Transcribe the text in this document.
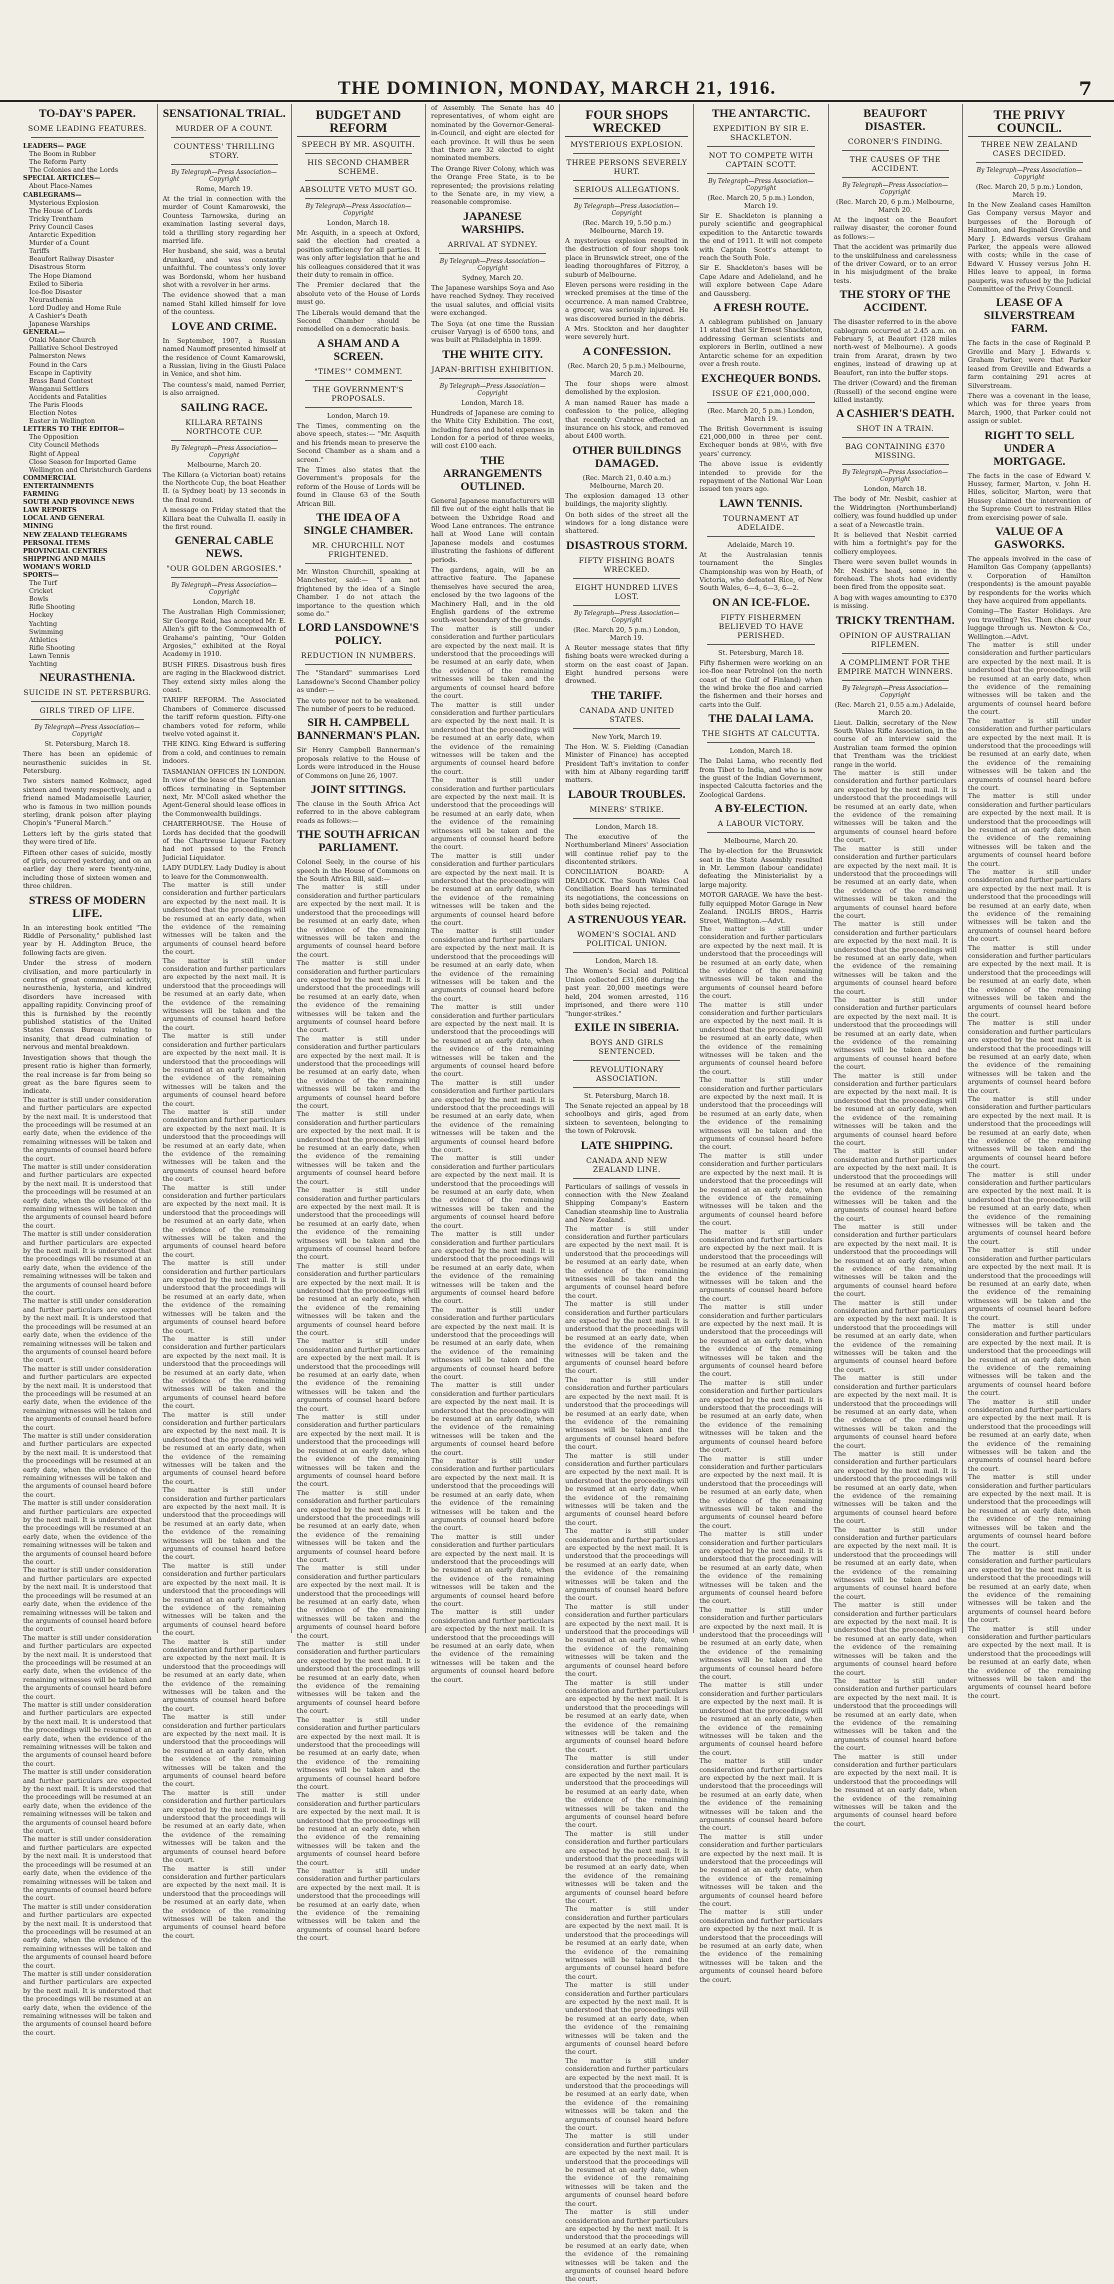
THE DOMINION, MONDAY, MARCH 21, 1916.	7
TO-DAY'S PAPER.
SOME LEADING FEATURES.
LEADERS— PAGE
The Boom in Rubber
The Reform Party
The Colonies and the Lords
SPECIAL ARTICLES—
About Place-Names
CABLEGRAMS—
Mysterious Explosion
The House of Lords
Tricky Trentham
Privy Council Cases
Antarctic Expedition
Murder of a Count
Tariffs
Beaufort Railway Disaster
Disastrous Storm
The Hope Diamond
Exiled to Siberia
Ice-floe Disaster
Neurasthenia
Lord Dudley and Home Rule
A Cashier's Death
Japanese Warships
GENERAL—
Otaki Manor Church
Palliative School Destroyed
Palmerston News
Found in the Cars
Escape in Captivity
Brass Band Contest
Wanganui Settlers
Accidents and Fatalities
The Paris Floods
Election Notes
Easter in Wellington
LETTERS TO THE EDITOR—
The Opposition
City Council Methods
Right of Appeal
Close Season for Imported Game
Wellington and Christchurch Gardens
COMMERCIAL
ENTERTAINMENTS
FARMING
SOUTH AND PROVINCE NEWS
LAW REPORTS
LOCAL AND GENERAL
MINING
NEW ZEALAND TELEGRAMS
PERSONAL ITEMS
PROVINCIAL CENTRES
SHIPPING AND MAILS
WOMAN'S WORLD
SPORTS—
The Turf
Cricket
Bowls
Rifle Shooting
Hockey
Yachting
Swimming
Athletics
Rifle Shooting
Lawn Tennis
Yachting
NEURASTHENIA.
SUICIDE IN ST. PETERSBURG.
GIRLS TIRED OF LIFE.
By Telegraph—Press Association—Copyright
St. Petersburg, March 18.

There has been an epidemic of neurasthenic suicides in St. Petersburg.

Two sisters named Kolmacz, aged sixteen and twenty respectively, and a friend named Madamoiselle Laurier, who is famous in two million pounds sterling, drank poison after playing Chopin's "Funeral March."

Letters left by the girls stated that they were tired of life.

Fifteen other cases of suicide, mostly of girls, occurred yesterday, and on an earlier day there were twenty-nine, including those of sixteen women and three children.

STRESS OF MODERN LIFE.

In an interesting book entitled "The Riddle of Personality," published last year by H. Addington Bruce, the following facts are given.

Under the stress of modern civilisation, and more particularly in centres of great commercial activity, neurasthenia, hysteria, and kindred disorders have increased with appalling rapidity. Convincing proof of this is furnished by the recently published statistics of the United States Census Bureau relating to insanity, that dread culmination of nervous and mental breakdown.

Investigation shows that though the present ratio is higher than formerly, the real increase is far from being so great as the bare figures seem to indicate.

The matter is still under consideration and further particulars are expected by the next mail. It is understood that the proceedings will be resumed at an early date, when the evidence of the remaining witnesses will be taken and the arguments of counsel heard before the court.

The matter is still under consideration and further particulars are expected by the next mail. It is understood that the proceedings will be resumed at an early date, when the evidence of the remaining witnesses will be taken and the arguments of counsel heard before the court.

The matter is still under consideration and further particulars are expected by the next mail. It is understood that the proceedings will be resumed at an early date, when the evidence of the remaining witnesses will be taken and the arguments of counsel heard before the court.

The matter is still under consideration and further particulars are expected by the next mail. It is understood that the proceedings will be resumed at an early date, when the evidence of the remaining witnesses will be taken and the arguments of counsel heard before the court.

The matter is still under consideration and further particulars are expected by the next mail. It is understood that the proceedings will be resumed at an early date, when the evidence of the remaining witnesses will be taken and the arguments of counsel heard before the court.

The matter is still under consideration and further particulars are expected by the next mail. It is understood that the proceedings will be resumed at an early date, when the evidence of the remaining witnesses will be taken and the arguments of counsel heard before the court.

The matter is still under consideration and further particulars are expected by the next mail. It is understood that the proceedings will be resumed at an early date, when the evidence of the remaining witnesses will be taken and the arguments of counsel heard before the court.

The matter is still under consideration and further particulars are expected by the next mail. It is understood that the proceedings will be resumed at an early date, when the evidence of the remaining witnesses will be taken and the arguments of counsel heard before the court.

The matter is still under consideration and further particulars are expected by the next mail. It is understood that the proceedings will be resumed at an early date, when the evidence of the remaining witnesses will be taken and the arguments of counsel heard before the court.

The matter is still under consideration and further particulars are expected by the next mail. It is understood that the proceedings will be resumed at an early date, when the evidence of the remaining witnesses will be taken and the arguments of counsel heard before the court.

The matter is still under consideration and further particulars are expected by the next mail. It is understood that the proceedings will be resumed at an early date, when the evidence of the remaining witnesses will be taken and the arguments of counsel heard before the court.

The matter is still under consideration and further particulars are expected by the next mail. It is understood that the proceedings will be resumed at an early date, when the evidence of the remaining witnesses will be taken and the arguments of counsel heard before the court.

The matter is still under consideration and further particulars are expected by the next mail. It is understood that the proceedings will be resumed at an early date, when the evidence of the remaining witnesses will be taken and the arguments of counsel heard before the court.

The matter is still under consideration and further particulars are expected by the next mail. It is understood that the proceedings will be resumed at an early date, when the evidence of the remaining witnesses will be taken and the arguments of counsel heard before the court.

SENSATIONAL TRIAL.
MURDER OF A COUNT.
COUNTESS' THRILLING STORY.
By Telegraph—Press Association—Copyright
Rome, March 19.

At the trial in connection with the murder of Count Kamarowski, the Countess Tarnowska, during an examination lasting several days, told a thrilling story regarding her married life.

Her husband, she said, was a brutal drunkard, and was constantly unfaithful. The countess's only lover was Bordonski, whom her husband shot with a revolver in her arms.

The evidence showed that a man named Stahl killed himself for love of the countess.

LOVE AND CRIME.

In September, 1907, a Russian named Naumoff presented himself at the residence of Count Kamarowski, a Russian, living in the Giusti Palace in Venice, and shot him.

The countess's maid, named Perrier, is also arraigned.

SAILING RACE.
KILLARA RETAINS NORTHCOTE CUP.
By Telegraph—Press Association—Copyright
Melbourne, March 20.

The Killara (a Victorian boat) retains the Northcote Cup, the boat Heather II. (a Sydney boat) by 13 seconds in the final round.

A message on Friday stated that the Killara beat the Culwalla II. easily in the first round.

GENERAL CABLE NEWS.
"OUR GOLDEN ARGOSIES."
By Telegraph—Press Association—Copyright
London, March 18.

The Australian High Commissioner, Sir George Reid, has accepted Mr. E. Allen's gift to the Commonwealth of Grahame's painting, "Our Golden Argosies," exhibited at the Royal Academy in 1910.

BUSH FIRES. Disastrous bush fires are raging in the Blackwood district. They extend sixty miles along the coast.

TARIFF REFORM. The Associated Chambers of Commerce discussed the tariff reform question. Fifty-one chambers voted for reform, while twelve voted against it.

THE KING. King Edward is suffering from a cold, and continues to remain indoors.

TASMANIAN OFFICES IN LONDON. In view of the lease of the Tasmanian offices terminating in September next, Mr. M'Coll asked whether the Agent-General should lease offices in the Commonwealth buildings.

CHARTERHOUSE. The House of Lords has decided that the goodwill of the Chartreuse Liqueur Factory had not passed to the French Judicial Liquidator.

LADY DUDLEY. Lady Dudley is about to leave for the Commonwealth.

The matter is still under consideration and further particulars are expected by the next mail. It is understood that the proceedings will be resumed at an early date, when the evidence of the remaining witnesses will be taken and the arguments of counsel heard before the court.

The matter is still under consideration and further particulars are expected by the next mail. It is understood that the proceedings will be resumed at an early date, when the evidence of the remaining witnesses will be taken and the arguments of counsel heard before the court.

The matter is still under consideration and further particulars are expected by the next mail. It is understood that the proceedings will be resumed at an early date, when the evidence of the remaining witnesses will be taken and the arguments of counsel heard before the court.

The matter is still under consideration and further particulars are expected by the next mail. It is understood that the proceedings will be resumed at an early date, when the evidence of the remaining witnesses will be taken and the arguments of counsel heard before the court.

The matter is still under consideration and further particulars are expected by the next mail. It is understood that the proceedings will be resumed at an early date, when the evidence of the remaining witnesses will be taken and the arguments of counsel heard before the court.

The matter is still under consideration and further particulars are expected by the next mail. It is understood that the proceedings will be resumed at an early date, when the evidence of the remaining witnesses will be taken and the arguments of counsel heard before the court.

The matter is still under consideration and further particulars are expected by the next mail. It is understood that the proceedings will be resumed at an early date, when the evidence of the remaining witnesses will be taken and the arguments of counsel heard before the court.

The matter is still under consideration and further particulars are expected by the next mail. It is understood that the proceedings will be resumed at an early date, when the evidence of the remaining witnesses will be taken and the arguments of counsel heard before the court.

The matter is still under consideration and further particulars are expected by the next mail. It is understood that the proceedings will be resumed at an early date, when the evidence of the remaining witnesses will be taken and the arguments of counsel heard before the court.

The matter is still under consideration and further particulars are expected by the next mail. It is understood that the proceedings will be resumed at an early date, when the evidence of the remaining witnesses will be taken and the arguments of counsel heard before the court.

The matter is still under consideration and further particulars are expected by the next mail. It is understood that the proceedings will be resumed at an early date, when the evidence of the remaining witnesses will be taken and the arguments of counsel heard before the court.

The matter is still under consideration and further particulars are expected by the next mail. It is understood that the proceedings will be resumed at an early date, when the evidence of the remaining witnesses will be taken and the arguments of counsel heard before the court.

The matter is still under consideration and further particulars are expected by the next mail. It is understood that the proceedings will be resumed at an early date, when the evidence of the remaining witnesses will be taken and the arguments of counsel heard before the court.

The matter is still under consideration and further particulars are expected by the next mail. It is understood that the proceedings will be resumed at an early date, when the evidence of the remaining witnesses will be taken and the arguments of counsel heard before the court.

BUDGET AND REFORM
SPEECH BY MR. ASQUITH.
HIS SECOND CHAMBER SCHEME.
ABSOLUTE VETO MUST GO.
By Telegraph—Press Association—Copyright
London, March 18.

Mr. Asquith, in a speech at Oxford, said the election had created a position sufficiency for all parties. It was only after legislation that he and his colleagues considered that it was their duty to remain in office.

The Premier declared that the absolute veto of the House of Lords must go.

The Liberals would demand that the Second Chamber should be remodelled on a democratic basis.

A SHAM AND A SCREEN.
"TIMES'" COMMENT.
THE GOVERNMENT'S PROPOSALS.
London, March 19.

The Times, commenting on the above speech, states:— "Mr. Asquith and his friends mean to preserve the Second Chamber as a sham and a screen."

The Times also states that the Government's proposals for the reform of the House of Lords will be found in Clause 63 of the South African Bill.

THE IDEA OF A SINGLE CHAMBER.
MR. CHURCHILL NOT FRIGHTENED.

Mr. Winston Churchill, speaking at Manchester, said:— "I am not frightened by the idea of a Single Chamber. I do not attach the importance to the question which some do."

LORD LANSDOWNE'S POLICY.
REDUCTION IN NUMBERS.

The "Standard" summarises Lord Lansdowne's Second Chamber policy as under:—

The veto power not to be weakened. The number of peers to be reduced.

SIR H. CAMPBELL BANNERMAN'S PLAN.

Sir Henry Campbell Bannerman's proposals relative to the House of Lords were introduced in the House of Commons on June 26, 1907.

JOINT SITTINGS.

The clause in the South Africa Act referred to in the above cablegram reads as follows:—

THE SOUTH AFRICAN PARLIAMENT.

Colonel Seely, in the course of his speech in the House of Commons on the South Africa Bill, said:—

The matter is still under consideration and further particulars are expected by the next mail. It is understood that the proceedings will be resumed at an early date, when the evidence of the remaining witnesses will be taken and the arguments of counsel heard before the court.

The matter is still under consideration and further particulars are expected by the next mail. It is understood that the proceedings will be resumed at an early date, when the evidence of the remaining witnesses will be taken and the arguments of counsel heard before the court.

The matter is still under consideration and further particulars are expected by the next mail. It is understood that the proceedings will be resumed at an early date, when the evidence of the remaining witnesses will be taken and the arguments of counsel heard before the court.

The matter is still under consideration and further particulars are expected by the next mail. It is understood that the proceedings will be resumed at an early date, when the evidence of the remaining witnesses will be taken and the arguments of counsel heard before the court.

The matter is still under consideration and further particulars are expected by the next mail. It is understood that the proceedings will be resumed at an early date, when the evidence of the remaining witnesses will be taken and the arguments of counsel heard before the court.

The matter is still under consideration and further particulars are expected by the next mail. It is understood that the proceedings will be resumed at an early date, when the evidence of the remaining witnesses will be taken and the arguments of counsel heard before the court.

The matter is still under consideration and further particulars are expected by the next mail. It is understood that the proceedings will be resumed at an early date, when the evidence of the remaining witnesses will be taken and the arguments of counsel heard before the court.

The matter is still under consideration and further particulars are expected by the next mail. It is understood that the proceedings will be resumed at an early date, when the evidence of the remaining witnesses will be taken and the arguments of counsel heard before the court.

The matter is still under consideration and further particulars are expected by the next mail. It is understood that the proceedings will be resumed at an early date, when the evidence of the remaining witnesses will be taken and the arguments of counsel heard before the court.

The matter is still under consideration and further particulars are expected by the next mail. It is understood that the proceedings will be resumed at an early date, when the evidence of the remaining witnesses will be taken and the arguments of counsel heard before the court.

The matter is still under consideration and further particulars are expected by the next mail. It is understood that the proceedings will be resumed at an early date, when the evidence of the remaining witnesses will be taken and the arguments of counsel heard before the court.

The matter is still under consideration and further particulars are expected by the next mail. It is understood that the proceedings will be resumed at an early date, when the evidence of the remaining witnesses will be taken and the arguments of counsel heard before the court.

The matter is still under consideration and further particulars are expected by the next mail. It is understood that the proceedings will be resumed at an early date, when the evidence of the remaining witnesses will be taken and the arguments of counsel heard before the court.

The matter is still under consideration and further particulars are expected by the next mail. It is understood that the proceedings will be resumed at an early date, when the evidence of the remaining witnesses will be taken and the arguments of counsel heard before the court.

of Assembly. The Senate has 40 representatives, of whom eight are nominated by the Governor-General-in-Council, and eight are elected for each province. It will thus be seen that there are 32 elected to eight nominated members.

The Orange River Colony, which was the Orange Free State, is to be represented; the provisions relating to the Senate are, in my view, a reasonable compromise.

JAPANESE WARSHIPS.
ARRIVAL AT SYDNEY.
By Telegraph—Press Association—Copyright
Sydney, March 20.

The Japanese warships Soya and Aso have reached Sydney. They received the usual salutes, and official visits were exchanged.

The Soya (at one time the Russian cruiser Varyag) is of 6500 tons, and was built at Philadelphia in 1899.

THE WHITE CITY.
JAPAN-BRITISH EXHIBITION.
By Telegraph—Press Association—Copyright
London, March 18.

Hundreds of Japanese are coming to the White City Exhibition. The cost, including fares and hotel expenses in London for a period of three weeks, will cost £100 each.

THE ARRANGEMENTS OUTLINED.

General Japanese manufacturers will fill five out of the eight halls that lie between the Uxbridge Road and Wood Lane entrances. The entrance hall at Wood Lane will contain Japanese models and costumes illustrating the fashions of different periods.

The gardens, again, will be an attractive feature. The Japanese themselves have secured the area, enclosed by the two lagoons of the Machinery Hall, and in the old English gardens of the extreme south-west boundary of the grounds.

The matter is still under consideration and further particulars are expected by the next mail. It is understood that the proceedings will be resumed at an early date, when the evidence of the remaining witnesses will be taken and the arguments of counsel heard before the court.

The matter is still under consideration and further particulars are expected by the next mail. It is understood that the proceedings will be resumed at an early date, when the evidence of the remaining witnesses will be taken and the arguments of counsel heard before the court.

The matter is still under consideration and further particulars are expected by the next mail. It is understood that the proceedings will be resumed at an early date, when the evidence of the remaining witnesses will be taken and the arguments of counsel heard before the court.

The matter is still under consideration and further particulars are expected by the next mail. It is understood that the proceedings will be resumed at an early date, when the evidence of the remaining witnesses will be taken and the arguments of counsel heard before the court.

The matter is still under consideration and further particulars are expected by the next mail. It is understood that the proceedings will be resumed at an early date, when the evidence of the remaining witnesses will be taken and the arguments of counsel heard before the court.

The matter is still under consideration and further particulars are expected by the next mail. It is understood that the proceedings will be resumed at an early date, when the evidence of the remaining witnesses will be taken and the arguments of counsel heard before the court.

The matter is still under consideration and further particulars are expected by the next mail. It is understood that the proceedings will be resumed at an early date, when the evidence of the remaining witnesses will be taken and the arguments of counsel heard before the court.

The matter is still under consideration and further particulars are expected by the next mail. It is understood that the proceedings will be resumed at an early date, when the evidence of the remaining witnesses will be taken and the arguments of counsel heard before the court.

The matter is still under consideration and further particulars are expected by the next mail. It is understood that the proceedings will be resumed at an early date, when the evidence of the remaining witnesses will be taken and the arguments of counsel heard before the court.

The matter is still under consideration and further particulars are expected by the next mail. It is understood that the proceedings will be resumed at an early date, when the evidence of the remaining witnesses will be taken and the arguments of counsel heard before the court.

The matter is still under consideration and further particulars are expected by the next mail. It is understood that the proceedings will be resumed at an early date, when the evidence of the remaining witnesses will be taken and the arguments of counsel heard before the court.

The matter is still under consideration and further particulars are expected by the next mail. It is understood that the proceedings will be resumed at an early date, when the evidence of the remaining witnesses will be taken and the arguments of counsel heard before the court.

The matter is still under consideration and further particulars are expected by the next mail. It is understood that the proceedings will be resumed at an early date, when the evidence of the remaining witnesses will be taken and the arguments of counsel heard before the court.

The matter is still under consideration and further particulars are expected by the next mail. It is understood that the proceedings will be resumed at an early date, when the evidence of the remaining witnesses will be taken and the arguments of counsel heard before the court.

FOUR SHOPS WRECKED
MYSTERIOUS EXPLOSION.
THREE PERSONS SEVERELY HURT.
SERIOUS ALLEGATIONS.
By Telegraph—Press Association—Copyright
(Rec. March 19, 5.50 p.m.) Melbourne, March 19.

A mysterious explosion resulted in the destruction of four shops took place in Brunswick street, one of the leading thoroughfares of Fitzroy, a suburb of Melbourne.

Eleven persons were residing in the wrecked premises at the time of the occurrence. A man named Crabtree, a grocer, was seriously injured. He was discovered buried in the débris.

A Mrs. Stockton and her daughter were severely hurt.

A CONFESSION.
(Rec. March 20, 5 p.m.) Melbourne, March 20.

The four shops were almost demolished by the explosion.

A man named Rauer has made a confession to the police, alleging that recently Crabtree effected an insurance on his stock, and removed about £400 worth.

OTHER BUILDINGS DAMAGED.
(Rec. March 21, 0.40 a.m.) Melbourne, March 20.

The explosion damaged 13 other buildings, the majority slightly.

On both sides of the street all the windows for a long distance were shattered.

DISASTROUS STORM.
FIFTY FISHING BOATS WRECKED.
EIGHT HUNDRED LIVES LOST.
By Telegraph—Press Association—Copyright
(Rec. March 20, 5 p.m.) London, March 19.

A Reuter message states that fifty fishing boats were wrecked during a storm on the east coast of Japan. Eight hundred persons were drowned.

THE TARIFF.
CANADA AND UNITED STATES.
New York, March 19.

The Hon. W. S. Fielding (Canadian Minister of Finance) has accepted President Taft's invitation to confer with him at Albany regarding tariff matters.

LABOUR TROUBLES.
MINERS' STRIKE.
London, March 18.

The executive of the Northumberland Miners' Association will continue relief pay to the discontented strikers.

CONCILIATION BOARD: A DEADLOCK. The South Wales Coal Conciliation Board has terminated its negotiations, the concessions on both sides being rejected.

A STRENUOUS YEAR.
WOMEN'S SOCIAL AND POLITICAL UNION.
London, March 18.

The Women's Social and Political Union collected £31,686 during the past year. 20,000 meetings were held, 204 women arrested, 116 imprisoned, and there were 110 "hunger-strikes."

EXILE IN SIBERIA.
BOYS AND GIRLS SENTENCED.
REVOLUTIONARY ASSOCIATION.
St. Petersburg, March 18.

The Senate rejected an appeal by 18 schoolboys and girls, aged from sixteen to seventeen, belonging to the town of Pokrovsk.

LATE SHIPPING.
CANADA AND NEW ZEALAND LINE.

Particulars of sailings of vessels in connection with the New Zealand Shipping Company's Eastern Canadian steamship line to Australia and New Zealand.

The matter is still under consideration and further particulars are expected by the next mail. It is understood that the proceedings will be resumed at an early date, when the evidence of the remaining witnesses will be taken and the arguments of counsel heard before the court.

The matter is still under consideration and further particulars are expected by the next mail. It is understood that the proceedings will be resumed at an early date, when the evidence of the remaining witnesses will be taken and the arguments of counsel heard before the court.

The matter is still under consideration and further particulars are expected by the next mail. It is understood that the proceedings will be resumed at an early date, when the evidence of the remaining witnesses will be taken and the arguments of counsel heard before the court.

The matter is still under consideration and further particulars are expected by the next mail. It is understood that the proceedings will be resumed at an early date, when the evidence of the remaining witnesses will be taken and the arguments of counsel heard before the court.

The matter is still under consideration and further particulars are expected by the next mail. It is understood that the proceedings will be resumed at an early date, when the evidence of the remaining witnesses will be taken and the arguments of counsel heard before the court.

The matter is still under consideration and further particulars are expected by the next mail. It is understood that the proceedings will be resumed at an early date, when the evidence of the remaining witnesses will be taken and the arguments of counsel heard before the court.

The matter is still under consideration and further particulars are expected by the next mail. It is understood that the proceedings will be resumed at an early date, when the evidence of the remaining witnesses will be taken and the arguments of counsel heard before the court.

The matter is still under consideration and further particulars are expected by the next mail. It is understood that the proceedings will be resumed at an early date, when the evidence of the remaining witnesses will be taken and the arguments of counsel heard before the court.

The matter is still under consideration and further particulars are expected by the next mail. It is understood that the proceedings will be resumed at an early date, when the evidence of the remaining witnesses will be taken and the arguments of counsel heard before the court.

The matter is still under consideration and further particulars are expected by the next mail. It is understood that the proceedings will be resumed at an early date, when the evidence of the remaining witnesses will be taken and the arguments of counsel heard before the court.

The matter is still under consideration and further particulars are expected by the next mail. It is understood that the proceedings will be resumed at an early date, when the evidence of the remaining witnesses will be taken and the arguments of counsel heard before the court.

The matter is still under consideration and further particulars are expected by the next mail. It is understood that the proceedings will be resumed at an early date, when the evidence of the remaining witnesses will be taken and the arguments of counsel heard before the court.

The matter is still under consideration and further particulars are expected by the next mail. It is understood that the proceedings will be resumed at an early date, when the evidence of the remaining witnesses will be taken and the arguments of counsel heard before the court.

The matter is still under consideration and further particulars are expected by the next mail. It is understood that the proceedings will be resumed at an early date, when the evidence of the remaining witnesses will be taken and the arguments of counsel heard before the court.

THE ANTARCTIC.
EXPEDITION BY SIR E. SHACKLETON.
NOT TO COMPETE WITH CAPTAIN SCOTT.
By Telegraph—Press Association—Copyright
(Rec. March 20, 5 p.m.) London, March 19.

Sir E. Shackleton is planning a purely scientific and geographical expedition to the Antarctic towards the end of 1911. It will not compete with Captain Scott's attempt to reach the South Pole.

Sir E. Shackleton's bases will be Cape Adare and Adelieland, and he will explore between Cape Adare and Gaussberg.

A FRESH ROUTE.

A cablegram published on January 11 stated that Sir Ernest Shackleton, addressing German scientists and explorers in Berlin, outlined a new Antarctic scheme for an expedition over a fresh route.

EXCHEQUER BONDS.
ISSUE OF £21,000,000.
(Rec. March 20, 5 p.m.) London, March 19.

The British Government is issuing £21,000,000 in three per cent. Exchequer bonds at 98½, with five years' currency.

The above issue is evidently intended to provide for the repayment of the National War Loan issued ten years ago.

LAWN TENNIS.
TOURNAMENT AT ADELAIDE.
Adelaide, March 19.

At the Australasian tennis tournament the Singles Championship was won by Heath, of Victoria, who defeated Rice, of New South Wales, 6—4, 6—3, 6—2.

ON AN ICE-FLOE.
FIFTY FISHERMEN BELIEVED TO HAVE PERISHED.
St. Petersburg, March 18.

Fifty fishermen were working on an ice-floe near Petrolnol (on the north coast of the Gulf of Finland) when the wind broke the floe and carried the fishermen and their horses and carts into the Gulf.

THE DALAI LAMA.
THE SIGHTS AT CALCUTTA.
London, March 18.

The Dalai Lama, who recently fled from Tibet to India, and who is now the guest of the Indian Government, inspected Calcutta factories and the Zoological Gardens.

A BY-ELECTION.
A LABOUR VICTORY.
Melbourne, March 20.

The by-election for the Brunswick seat in the State Assembly resulted in Mr. Lemmon (labour candidate) defeating the Ministerialist by a large majority.

MOTOR GARAGE. We have the best-fully equipped Motor Garage in New Zealand. INGLIS BROS., Harris Street, Wellington.—Advt.

The matter is still under consideration and further particulars are expected by the next mail. It is understood that the proceedings will be resumed at an early date, when the evidence of the remaining witnesses will be taken and the arguments of counsel heard before the court.

The matter is still under consideration and further particulars are expected by the next mail. It is understood that the proceedings will be resumed at an early date, when the evidence of the remaining witnesses will be taken and the arguments of counsel heard before the court.

The matter is still under consideration and further particulars are expected by the next mail. It is understood that the proceedings will be resumed at an early date, when the evidence of the remaining witnesses will be taken and the arguments of counsel heard before the court.

The matter is still under consideration and further particulars are expected by the next mail. It is understood that the proceedings will be resumed at an early date, when the evidence of the remaining witnesses will be taken and the arguments of counsel heard before the court.

The matter is still under consideration and further particulars are expected by the next mail. It is understood that the proceedings will be resumed at an early date, when the evidence of the remaining witnesses will be taken and the arguments of counsel heard before the court.

The matter is still under consideration and further particulars are expected by the next mail. It is understood that the proceedings will be resumed at an early date, when the evidence of the remaining witnesses will be taken and the arguments of counsel heard before the court.

The matter is still under consideration and further particulars are expected by the next mail. It is understood that the proceedings will be resumed at an early date, when the evidence of the remaining witnesses will be taken and the arguments of counsel heard before the court.

The matter is still under consideration and further particulars are expected by the next mail. It is understood that the proceedings will be resumed at an early date, when the evidence of the remaining witnesses will be taken and the arguments of counsel heard before the court.

The matter is still under consideration and further particulars are expected by the next mail. It is understood that the proceedings will be resumed at an early date, when the evidence of the remaining witnesses will be taken and the arguments of counsel heard before the court.

The matter is still under consideration and further particulars are expected by the next mail. It is understood that the proceedings will be resumed at an early date, when the evidence of the remaining witnesses will be taken and the arguments of counsel heard before the court.

The matter is still under consideration and further particulars are expected by the next mail. It is understood that the proceedings will be resumed at an early date, when the evidence of the remaining witnesses will be taken and the arguments of counsel heard before the court.

The matter is still under consideration and further particulars are expected by the next mail. It is understood that the proceedings will be resumed at an early date, when the evidence of the remaining witnesses will be taken and the arguments of counsel heard before the court.

The matter is still under consideration and further particulars are expected by the next mail. It is understood that the proceedings will be resumed at an early date, when the evidence of the remaining witnesses will be taken and the arguments of counsel heard before the court.

The matter is still under consideration and further particulars are expected by the next mail. It is understood that the proceedings will be resumed at an early date, when the evidence of the remaining witnesses will be taken and the arguments of counsel heard before the court.

BEAUFORT DISASTER.
CORONER'S FINDING.
THE CAUSES OF THE ACCIDENT.
By Telegraph—Press Association—Copyright
(Rec. March 20, 6 p.m.) Melbourne, March 20.

At the inquest on the Beaufort railway disaster, the coroner found as follows:—

That the accident was primarily due to the unskilfulness and carelessness of the driver Coward, or to an error in his misjudgment of the brake tests.

THE STORY OF THE ACCIDENT.

The disaster referred to in the above cablegram occurred at 2.45 a.m. on February 5, at Beaufort (128 miles north-west of Melbourne). A goods train from Ararat, drawn by two engines, instead of drawing up at Beaufort, ran into the buffer stops.

The driver (Coward) and the fireman (Russell) of the second engine were killed instantly.

A CASHIER'S DEATH.
SHOT IN A TRAIN.
BAG CONTAINING £370 MISSING.
By Telegraph—Press Association—Copyright
London, March 18.

The body of Mr. Nesbit, cashier at the Widdrington (Northumberland) colliery, was found huddled up under a seat of a Newcastle train.

It is believed that Nesbit carried with him a fortnight's pay for the colliery employees.

There were seven bullet wounds in Mr. Nesbit's head, some in the forehead. The shots had evidently been fired from the opposite seat.

A bag with wages amounting to £370 is missing.

TRICKY TRENTHAM.
OPINION OF AUSTRALIAN RIFLEMEN.
A COMPLIMENT FOR THE EMPIRE MATCH WINNERS.
By Telegraph—Press Association—Copyright
(Rec. March 21, 0.55 a.m.) Adelaide, March 20.

Lieut. Dalkin, secretary of the New South Wales Rifle Association, in the course of an interview said the Australian team formed the opinion that Trentham was the trickiest range in the world.

The matter is still under consideration and further particulars are expected by the next mail. It is understood that the proceedings will be resumed at an early date, when the evidence of the remaining witnesses will be taken and the arguments of counsel heard before the court.

The matter is still under consideration and further particulars are expected by the next mail. It is understood that the proceedings will be resumed at an early date, when the evidence of the remaining witnesses will be taken and the arguments of counsel heard before the court.

The matter is still under consideration and further particulars are expected by the next mail. It is understood that the proceedings will be resumed at an early date, when the evidence of the remaining witnesses will be taken and the arguments of counsel heard before the court.

The matter is still under consideration and further particulars are expected by the next mail. It is understood that the proceedings will be resumed at an early date, when the evidence of the remaining witnesses will be taken and the arguments of counsel heard before the court.

The matter is still under consideration and further particulars are expected by the next mail. It is understood that the proceedings will be resumed at an early date, when the evidence of the remaining witnesses will be taken and the arguments of counsel heard before the court.

The matter is still under consideration and further particulars are expected by the next mail. It is understood that the proceedings will be resumed at an early date, when the evidence of the remaining witnesses will be taken and the arguments of counsel heard before the court.

The matter is still under consideration and further particulars are expected by the next mail. It is understood that the proceedings will be resumed at an early date, when the evidence of the remaining witnesses will be taken and the arguments of counsel heard before the court.

The matter is still under consideration and further particulars are expected by the next mail. It is understood that the proceedings will be resumed at an early date, when the evidence of the remaining witnesses will be taken and the arguments of counsel heard before the court.

The matter is still under consideration and further particulars are expected by the next mail. It is understood that the proceedings will be resumed at an early date, when the evidence of the remaining witnesses will be taken and the arguments of counsel heard before the court.

The matter is still under consideration and further particulars are expected by the next mail. It is understood that the proceedings will be resumed at an early date, when the evidence of the remaining witnesses will be taken and the arguments of counsel heard before the court.

The matter is still under consideration and further particulars are expected by the next mail. It is understood that the proceedings will be resumed at an early date, when the evidence of the remaining witnesses will be taken and the arguments of counsel heard before the court.

The matter is still under consideration and further particulars are expected by the next mail. It is understood that the proceedings will be resumed at an early date, when the evidence of the remaining witnesses will be taken and the arguments of counsel heard before the court.

The matter is still under consideration and further particulars are expected by the next mail. It is understood that the proceedings will be resumed at an early date, when the evidence of the remaining witnesses will be taken and the arguments of counsel heard before the court.

The matter is still under consideration and further particulars are expected by the next mail. It is understood that the proceedings will be resumed at an early date, when the evidence of the remaining witnesses will be taken and the arguments of counsel heard before the court.

THE PRIVY COUNCIL.
THREE NEW ZEALAND CASES DECIDED.
By Telegraph—Press Association—Copyright
(Rec. March 20, 5 p.m.) London, March 19.

In the New Zealand cases Hamilton Gas Company versus Mayor and burgesses of the Borough of Hamilton, and Reginald Greville and Mary J. Edwards versus Graham Parker, the appeals were allowed with costs; while in the case of Edward V. Hussey versus John H. Hiles leave to appeal, in forma pauperis, was refused by the Judicial Committee of the Privy Council.

LEASE OF A SILVERSTREAM FARM.

The facts in the case of Reginald P. Greville and Mary J. Edwards v. Graham Parker, were that Parker leased from Greville and Edwards a farm containing 291 acres at Silverstream.

There was a covenant in the lease, which was for three years from March, 1900, that Parker could not assign or sublet.

RIGHT TO SELL UNDER A MORTGAGE.

The facts in the case of Edward V. Hussey, farmer, Marton, v. John H. Hiles, solicitor, Marton, were that Hussey claimed the intervention of the Supreme Court to restrain Hiles from exercising power of sale.

VALUE OF A GASWORKS.

The appeals involved in the case of Hamilton Gas Company (appellants) v. Corporation of Hamilton (respondents) is the amount payable by respondents for the works which they have acquired from appellants.

Coming—The Easter Holidays. Are you travelling? Yes. Then check your luggage through us. Newton & Co., Wellington.—Advt.

The matter is still under consideration and further particulars are expected by the next mail. It is understood that the proceedings will be resumed at an early date, when the evidence of the remaining witnesses will be taken and the arguments of counsel heard before the court.

The matter is still under consideration and further particulars are expected by the next mail. It is understood that the proceedings will be resumed at an early date, when the evidence of the remaining witnesses will be taken and the arguments of counsel heard before the court.

The matter is still under consideration and further particulars are expected by the next mail. It is understood that the proceedings will be resumed at an early date, when the evidence of the remaining witnesses will be taken and the arguments of counsel heard before the court.

The matter is still under consideration and further particulars are expected by the next mail. It is understood that the proceedings will be resumed at an early date, when the evidence of the remaining witnesses will be taken and the arguments of counsel heard before the court.

The matter is still under consideration and further particulars are expected by the next mail. It is understood that the proceedings will be resumed at an early date, when the evidence of the remaining witnesses will be taken and the arguments of counsel heard before the court.

The matter is still under consideration and further particulars are expected by the next mail. It is understood that the proceedings will be resumed at an early date, when the evidence of the remaining witnesses will be taken and the arguments of counsel heard before the court.

The matter is still under consideration and further particulars are expected by the next mail. It is understood that the proceedings will be resumed at an early date, when the evidence of the remaining witnesses will be taken and the arguments of counsel heard before the court.

The matter is still under consideration and further particulars are expected by the next mail. It is understood that the proceedings will be resumed at an early date, when the evidence of the remaining witnesses will be taken and the arguments of counsel heard before the court.

The matter is still under consideration and further particulars are expected by the next mail. It is understood that the proceedings will be resumed at an early date, when the evidence of the remaining witnesses will be taken and the arguments of counsel heard before the court.

The matter is still under consideration and further particulars are expected by the next mail. It is understood that the proceedings will be resumed at an early date, when the evidence of the remaining witnesses will be taken and the arguments of counsel heard before the court.

The matter is still under consideration and further particulars are expected by the next mail. It is understood that the proceedings will be resumed at an early date, when the evidence of the remaining witnesses will be taken and the arguments of counsel heard before the court.

The matter is still under consideration and further particulars are expected by the next mail. It is understood that the proceedings will be resumed at an early date, when the evidence of the remaining witnesses will be taken and the arguments of counsel heard before the court.

The matter is still under consideration and further particulars are expected by the next mail. It is understood that the proceedings will be resumed at an early date, when the evidence of the remaining witnesses will be taken and the arguments of counsel heard before the court.

The matter is still under consideration and further particulars are expected by the next mail. It is understood that the proceedings will be resumed at an early date, when the evidence of the remaining witnesses will be taken and the arguments of counsel heard before the court.
